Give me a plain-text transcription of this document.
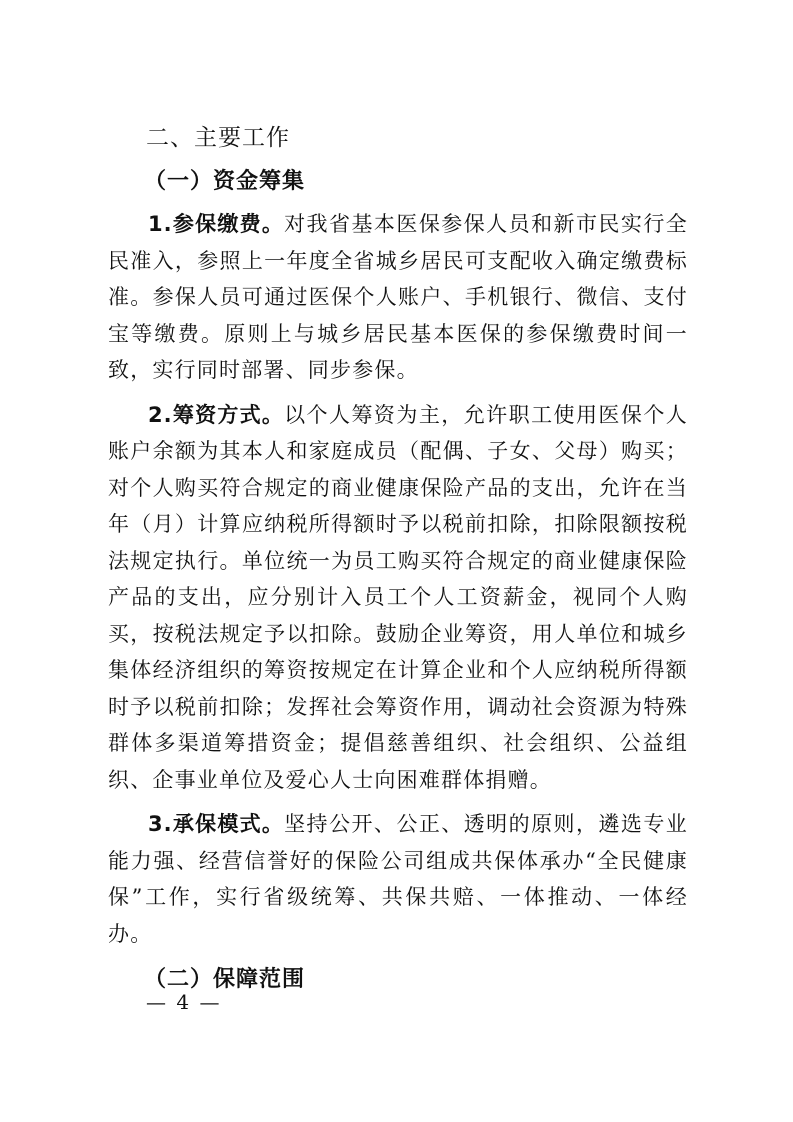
二、主要工作
（一）资金筹集

1.参保缴费。对我省基本医保参保人员和新市民实行全民准入，参照上一年度全省城乡居民可支配收入确定缴费标准。参保人员可通过医保个人账户、手机银行、微信、支付宝等缴费。原则上与城乡居民基本医保的参保缴费时间一致，实行同时部署、同步参保。

2.筹资方式。以个人筹资为主，允许职工使用医保个人账户余额为其本人和家庭成员（配偶、子女、父母）购买；对个人购买符合规定的商业健康保险产品的支出，允许在当年（月）计算应纳税所得额时予以税前扣除，扣除限额按税法规定执行。单位统一为员工购买符合规定的商业健康保险产品的支出，应分别计入员工个人工资薪金，视同个人购买，按税法规定予以扣除。鼓励企业筹资，用人单位和城乡集体经济组织的筹资按规定在计算企业和个人应纳税所得额时予以税前扣除；发挥社会筹资作用，调动社会资源为特殊群体多渠道筹措资金；提倡慈善组织、社会组织、公益组织、企事业单位及爱心人士向困难群体捐赠。

3.承保模式。坚持公开、公正、透明的原则，遴选专业能力强、经营信誉好的保险公司组成共保体承办“全民健康保”工作，实行省级统筹、共保共赔、一体推动、一体经办。

（二）保障范围
— 4 —
